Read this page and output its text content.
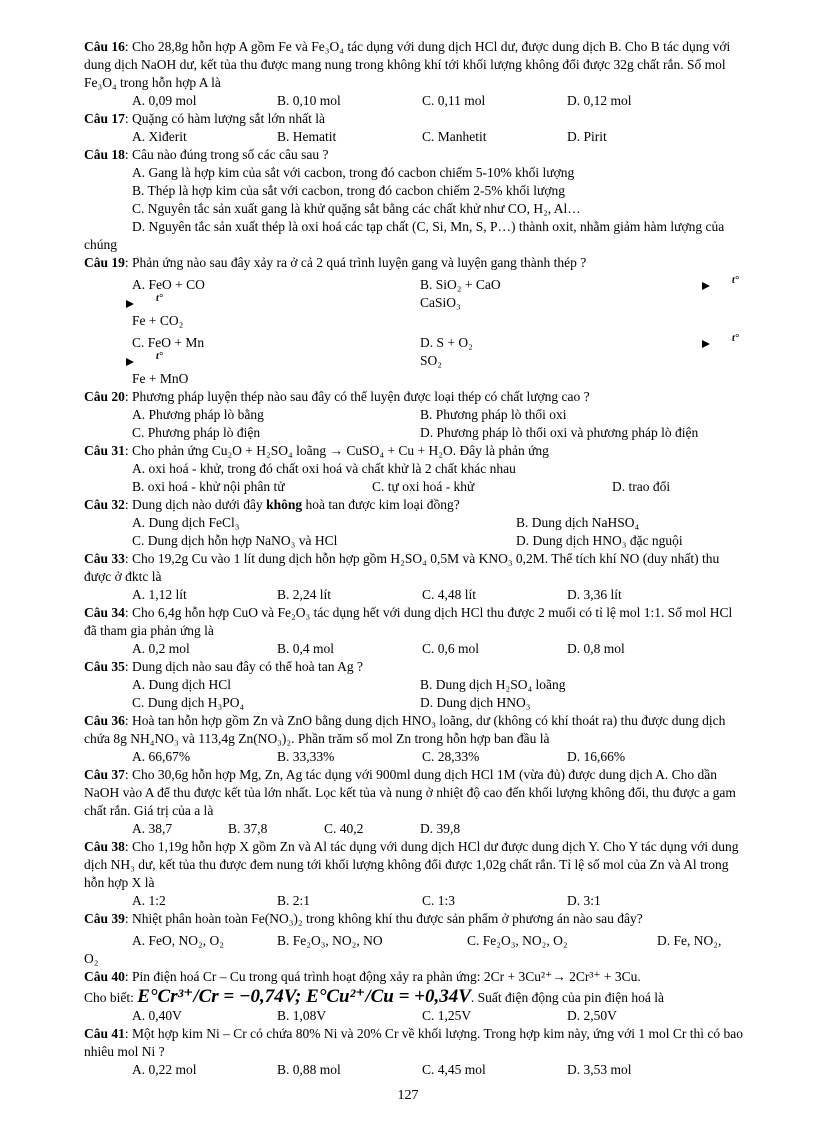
Câu 16: Cho 28,8g hỗn hợp A gồm Fe và Fe₃O₄ tác dụng với dung dịch HCl dư, được dung dịch B. Cho B tác dụng với dung dịch NaOH dư, kết tủa thu được mang nung trong không khí tới khối lượng không đổi được 32g chất rắn. Số mol Fe₃O₄ trong hỗn hợp A là

A. 0,09 mol	B. 0,10 mol	C. 0,11 mol	D. 0,12 mol

Câu 17: Quặng có hàm lượng sắt lớn nhất là

A. Xiđerit	B. Hematit	C. Manhetit	D. Pirit

Câu 18: Câu nào đúng trong số các câu sau ?

A. Gang là hợp kim của sắt với cacbon, trong đó cacbon chiếm 5-10% khối lượng
B. Thép là hợp kim của sắt với cacbon, trong đó cacbon chiếm 2-5% khối lượng
C. Nguyên tắc sản xuất gang là khử quặng sắt bằng các chất khử như CO, H₂, Al…
D. Nguyên tắc sản xuất thép là oxi hoá các tạp chất (C, Si, Mn, S, P…) thành oxit, nhằm giảm hàm lượng của chúng

Câu 19: Phản ứng nào sau đây xảy ra ở cả 2 quá trình luyện gang và luyện gang thành thép ?

A. FeO + CO
t°
Fe + CO₂
B. SiO₂ + CaO	t°
CaSiO₃
C. FeO + Mn
t°
Fe + MnO
D. S + O₂	t°
SO₂

Câu 20: Phương pháp luyện thép nào sau đây có thể luyện được loại thép có chất lượng cao ?

A. Phương pháp lò bằng	B. Phương pháp lò thổi oxi
C. Phương pháp lò điện	D. Phương pháp lò thổi oxi và phương pháp lò điện

Câu 31: Cho phản ứng Cu₂O + H₂SO₄ loãng → CuSO₄ + Cu + H₂O. Đây là phản ứng

A. oxi hoá - khử, trong đó chất oxi hoá và chất khử là 2 chất khác nhau
B. oxi hoá - khử nội phân tử	C. tự oxi hoá - khử	D. trao đổi

Câu 32: Dung dịch nào dưới đây không hoà tan được kim loại đồng?

A. Dung dịch FeCl₃	B. Dung dịch NaHSO₄
C. Dung dịch hỗn hợp NaNO₃ và HCl	D. Dung dịch HNO₃ đặc nguội

Câu 33: Cho 19,2g Cu vào 1 lít dung dịch hỗn hợp gồm H₂SO₄ 0,5M và KNO₃ 0,2M. Thể tích khí NO (duy nhất) thu được ở đktc là

A. 1,12 lít	B. 2,24 lít	C. 4,48 lít	D. 3,36 lít

Câu 34: Cho 6,4g hỗn hợp CuO và Fe₂O₃ tác dụng hết với dung dịch HCl thu được 2 muối có tỉ lệ mol 1:1. Số mol HCl đã tham gia phản ứng là

A. 0,2 mol	B. 0,4 mol	C. 0,6 mol	D. 0,8 mol

Câu 35: Dung dịch nào sau đây có thể hoà tan Ag ?

A. Dung dịch HCl	B. Dung dịch H₂SO₄ loãng
C. Dung dịch H₃PO₄	D. Dung dịch HNO₃

Câu 36: Hoà tan hỗn hợp gồm Zn và ZnO bằng dung dịch HNO₃ loãng, dư (không có khí thoát ra) thu được dung dịch chứa 8g NH₄NO₃ và 113,4g Zn(NO₃)₂. Phần trăm số mol Zn trong hỗn hợp ban đầu là

A. 66,67%	B. 33,33%	C. 28,33%	D. 16,66%

Câu 37: Cho 30,6g hỗn hợp Mg, Zn, Ag tác dụng với 900ml dung dịch HCl 1M (vừa đủ) được dung dịch A. Cho dần NaOH vào A để thu được kết tủa lớn nhất. Lọc kết tủa và nung ở nhiệt độ cao đến khối lượng không đổi, thu được a gam chất rắn. Giá trị của a là

A. 38,7	B. 37,8	C. 40,2	D. 39,8

Câu 38: Cho 1,19g hỗn hợp X gồm Zn và Al tác dụng với dung dịch HCl dư được dung dịch Y. Cho Y tác dụng với dung dịch NH₃ dư, kết tủa thu được đem nung tới khối lượng không đổi được 1,02g chất rắn. Tỉ lệ số mol của Zn và Al trong hỗn hợp X là

A. 1:2	B. 2:1	C. 1:3	D. 3:1

Câu 39: Nhiệt phân hoàn toàn Fe(NO₃)₂ trong không khí thu được sản phẩm ở phương án nào sau đây?

A. FeO, NO₂, O₂	B. Fe₂O₃, NO₂, NO	C. Fe₂O₃, NO₂, O₂	D. Fe, NO₂,
O₂

Câu 40: Pin điện hoá Cr – Cu trong quá trình hoạt động xảy ra phản ứng: 2Cr + 3Cu²⁺→ 2Cr³⁺ + 3Cu.

Cho biết: E°Cr³⁺/Cr = −0,74V; E°Cu²⁺/Cu = +0,34V. Suất điện động của pin điện hoá là

A. 0,40V	B. 1,08V	C. 1,25V	D. 2,50V

Câu 41: Một hợp kim Ni – Cr có chứa 80% Ni và 20% Cr về khối lượng. Trong hợp kim này, ứng với 1 mol Cr thì có bao nhiêu mol Ni ?

A. 0,22 mol	B. 0,88 mol	C. 4,45 mol	D. 3,53 mol
127
